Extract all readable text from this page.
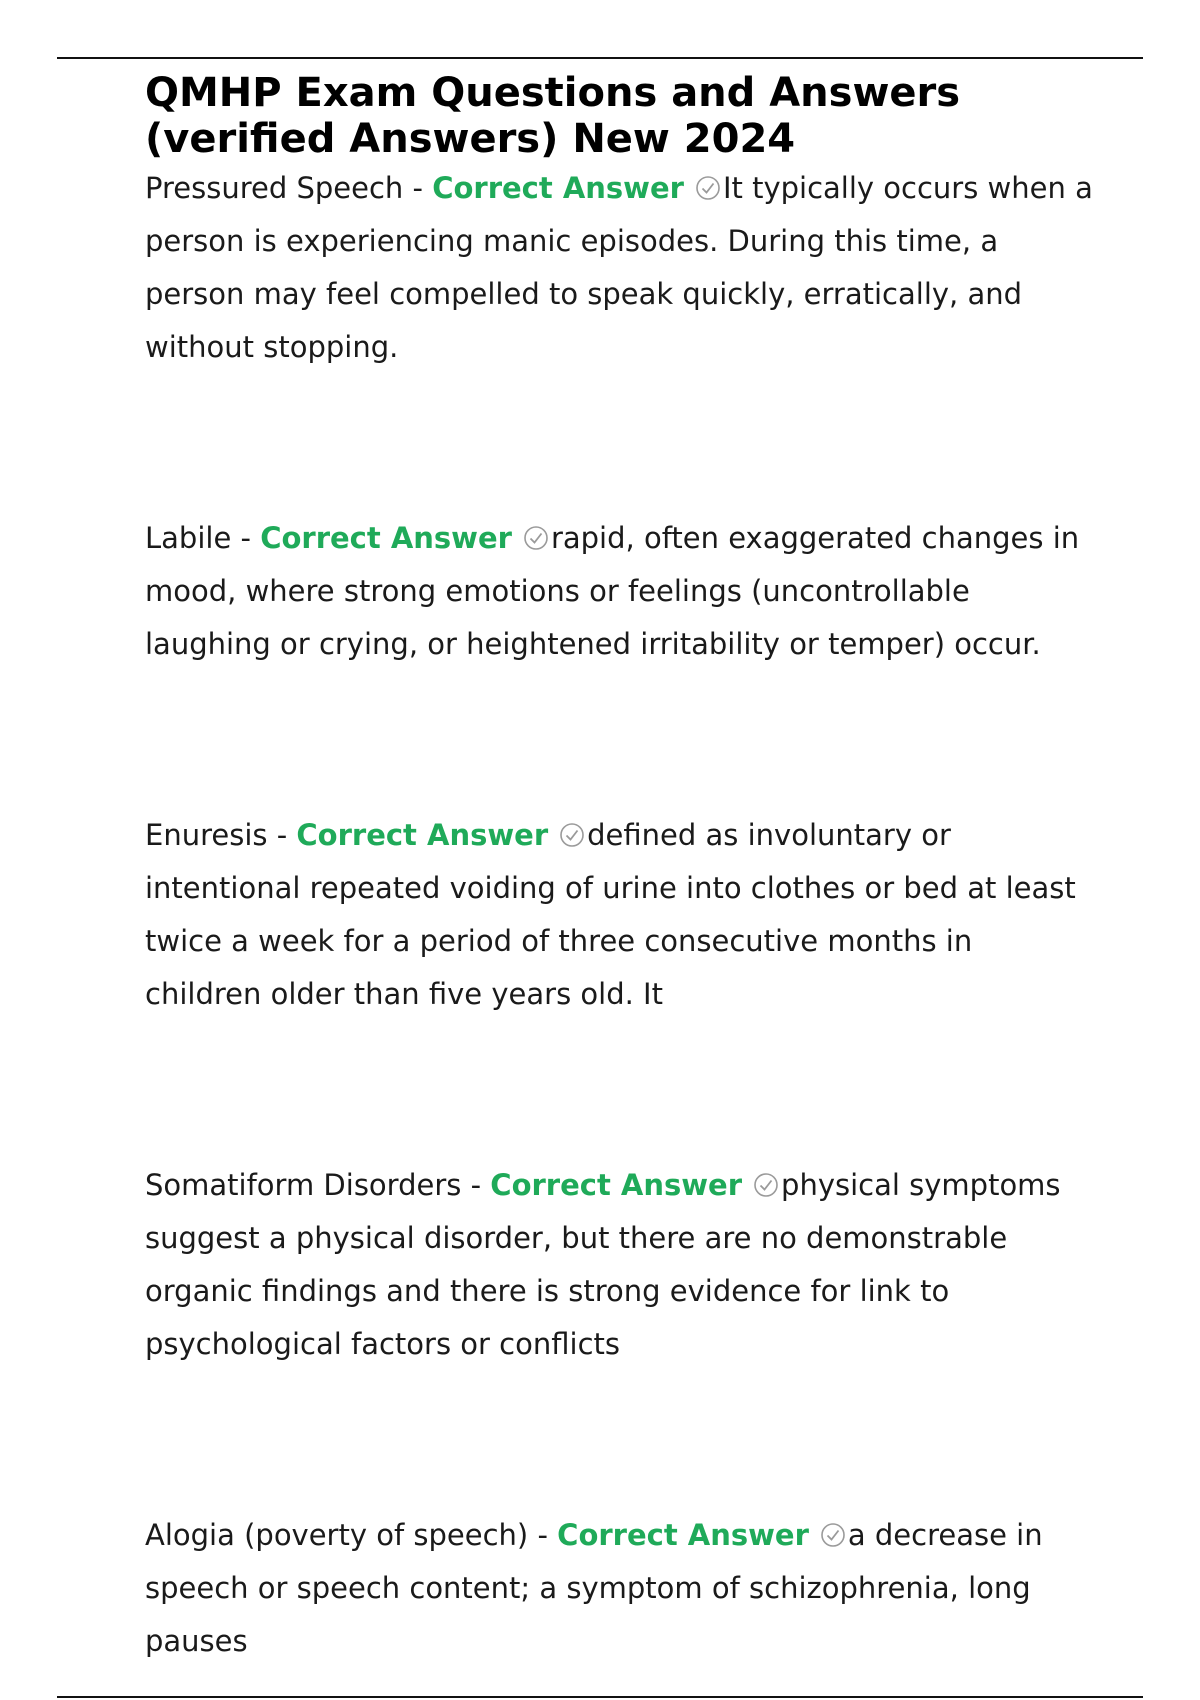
QMHP Exam Questions and Answers (verified Answers) New 2024

Pressured Speech - Correct Answer It typically occurs when a person is experiencing manic episodes. During this time, a person may feel compelled to speak quickly, erratically, and without stopping.

Labile - Correct Answer rapid, often exaggerated changes in mood, where strong emotions or feelings (uncontrollable laughing or crying, or heightened irritability or temper) occur.

Enuresis - Correct Answer defined as involuntary or intentional repeated voiding of urine into clothes or bed at least twice a week for a period of three consecutive months in children older than five years old. It

Somatiform Disorders - Correct Answer physical symptoms suggest a physical disorder, but there are no demonstrable organic findings and there is strong evidence for link to psychological factors or conflicts

Alogia (poverty of speech) - Correct Answer a decrease in speech or speech content; a symptom of schizophrenia, long pauses
